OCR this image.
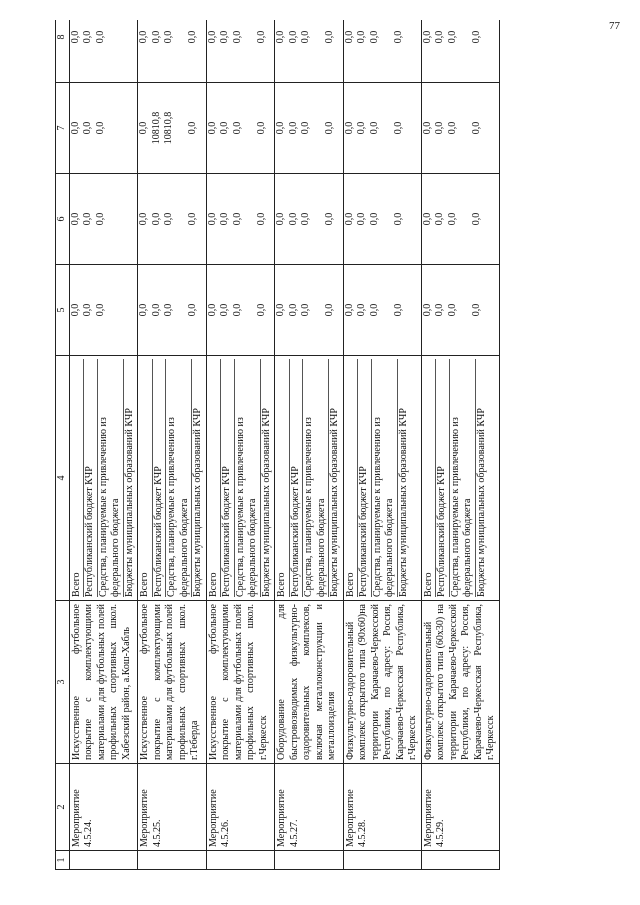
77
1	2	3	4	5	6	7	8
	Мероприятие 4.5.24.	Искусственное футбольное покрытие с комплектующими материалами для футбольных полей профильных спортивных школ. Хабезский район, а.Кош-Хабль	Всего Республиканский бюджет КЧР Средства, планируемые к привлечению из федерального бюджета Бюджеты муниципальных образований КЧР	0,0 0,0 0,0	0,0 0,0 0,0	0,0 0,0 0,0	0,0 0,0 0,0

	Мероприятие 4.5.25.	Искусственное футбольное покрытие с комплектующими материалами для футбольных полей профильных спортивных школ. г.Теберда	Всего Республиканский бюджет КЧР Средства, планируемые к привлечению из федерального бюджета Бюджеты муниципальных образований КЧР	0,0 0,0 0,0 0,0	0,0 0,0 0,0 0,0	0,0 10810,8 10810,8 0,0	0,0 0,0 0,0 0,0

	Мероприятие 4.5.26.	Искусственное футбольное покрытие с комплектующими материалами для футбольных полей профильных спортивных школ. г.Черкесск	Всего Республиканский бюджет КЧР Средства, планируемые к привлечению из федерального бюджета Бюджеты муниципальных образований КЧР	0,0 0,0 0,0 0,0	0,0 0,0 0,0 0,0	0,0 0,0 0,0 0,0	0,0 0,0 0,0 0,0

	Мероприятие 4.5.27.	Оборудование для быстровозводимых физкультурно-оздоровительных комплексов, включая металлоконструкции и металлоизделия	Всего Республиканский бюджет КЧР Средства, планируемые к привлечению из федерального бюджета Бюджеты муниципальных образований КЧР	0,0 0,0 0,0 0,0	0,0 0,0 0,0 0,0	0,0 0,0 0,0 0,0	0,0 0,0 0,0 0,0

	Мероприятие 4.5.28.	Физкультурно-оздоровительный комплекс открытого типа (90х60)на территории Карачаево-Черкесской Республики, по адресу: Россия, Карачаево-Черкесская Республика, г.Черкесск	Всего Республиканский бюджет КЧР Средства, планируемые к привлечению из федерального бюджета Бюджеты муниципальных образований КЧР	0,0 0,0 0,0 0,0	0,0 0,0 0,0 0,0	0,0 0,0 0,0 0,0	0,0 0,0 0,0 0,0

	Мероприятие 4.5.29.	Физкультурно-оздоровительный комплекс открытого типа (60х30) на территории Карачаево-Черкесской Республики, по адресу: Россия, Карачаево-Черкесская Республика, г.Черкесск	Всего Республиканский бюджет КЧР Средства, планируемые к привлечению из федерального бюджета Бюджеты муниципальных образований КЧР	0,0 0,0 0,0 0,0	0,0 0,0 0,0 0,0	0,0 0,0 0,0 0,0	0,0 0,0 0,0 0,0
